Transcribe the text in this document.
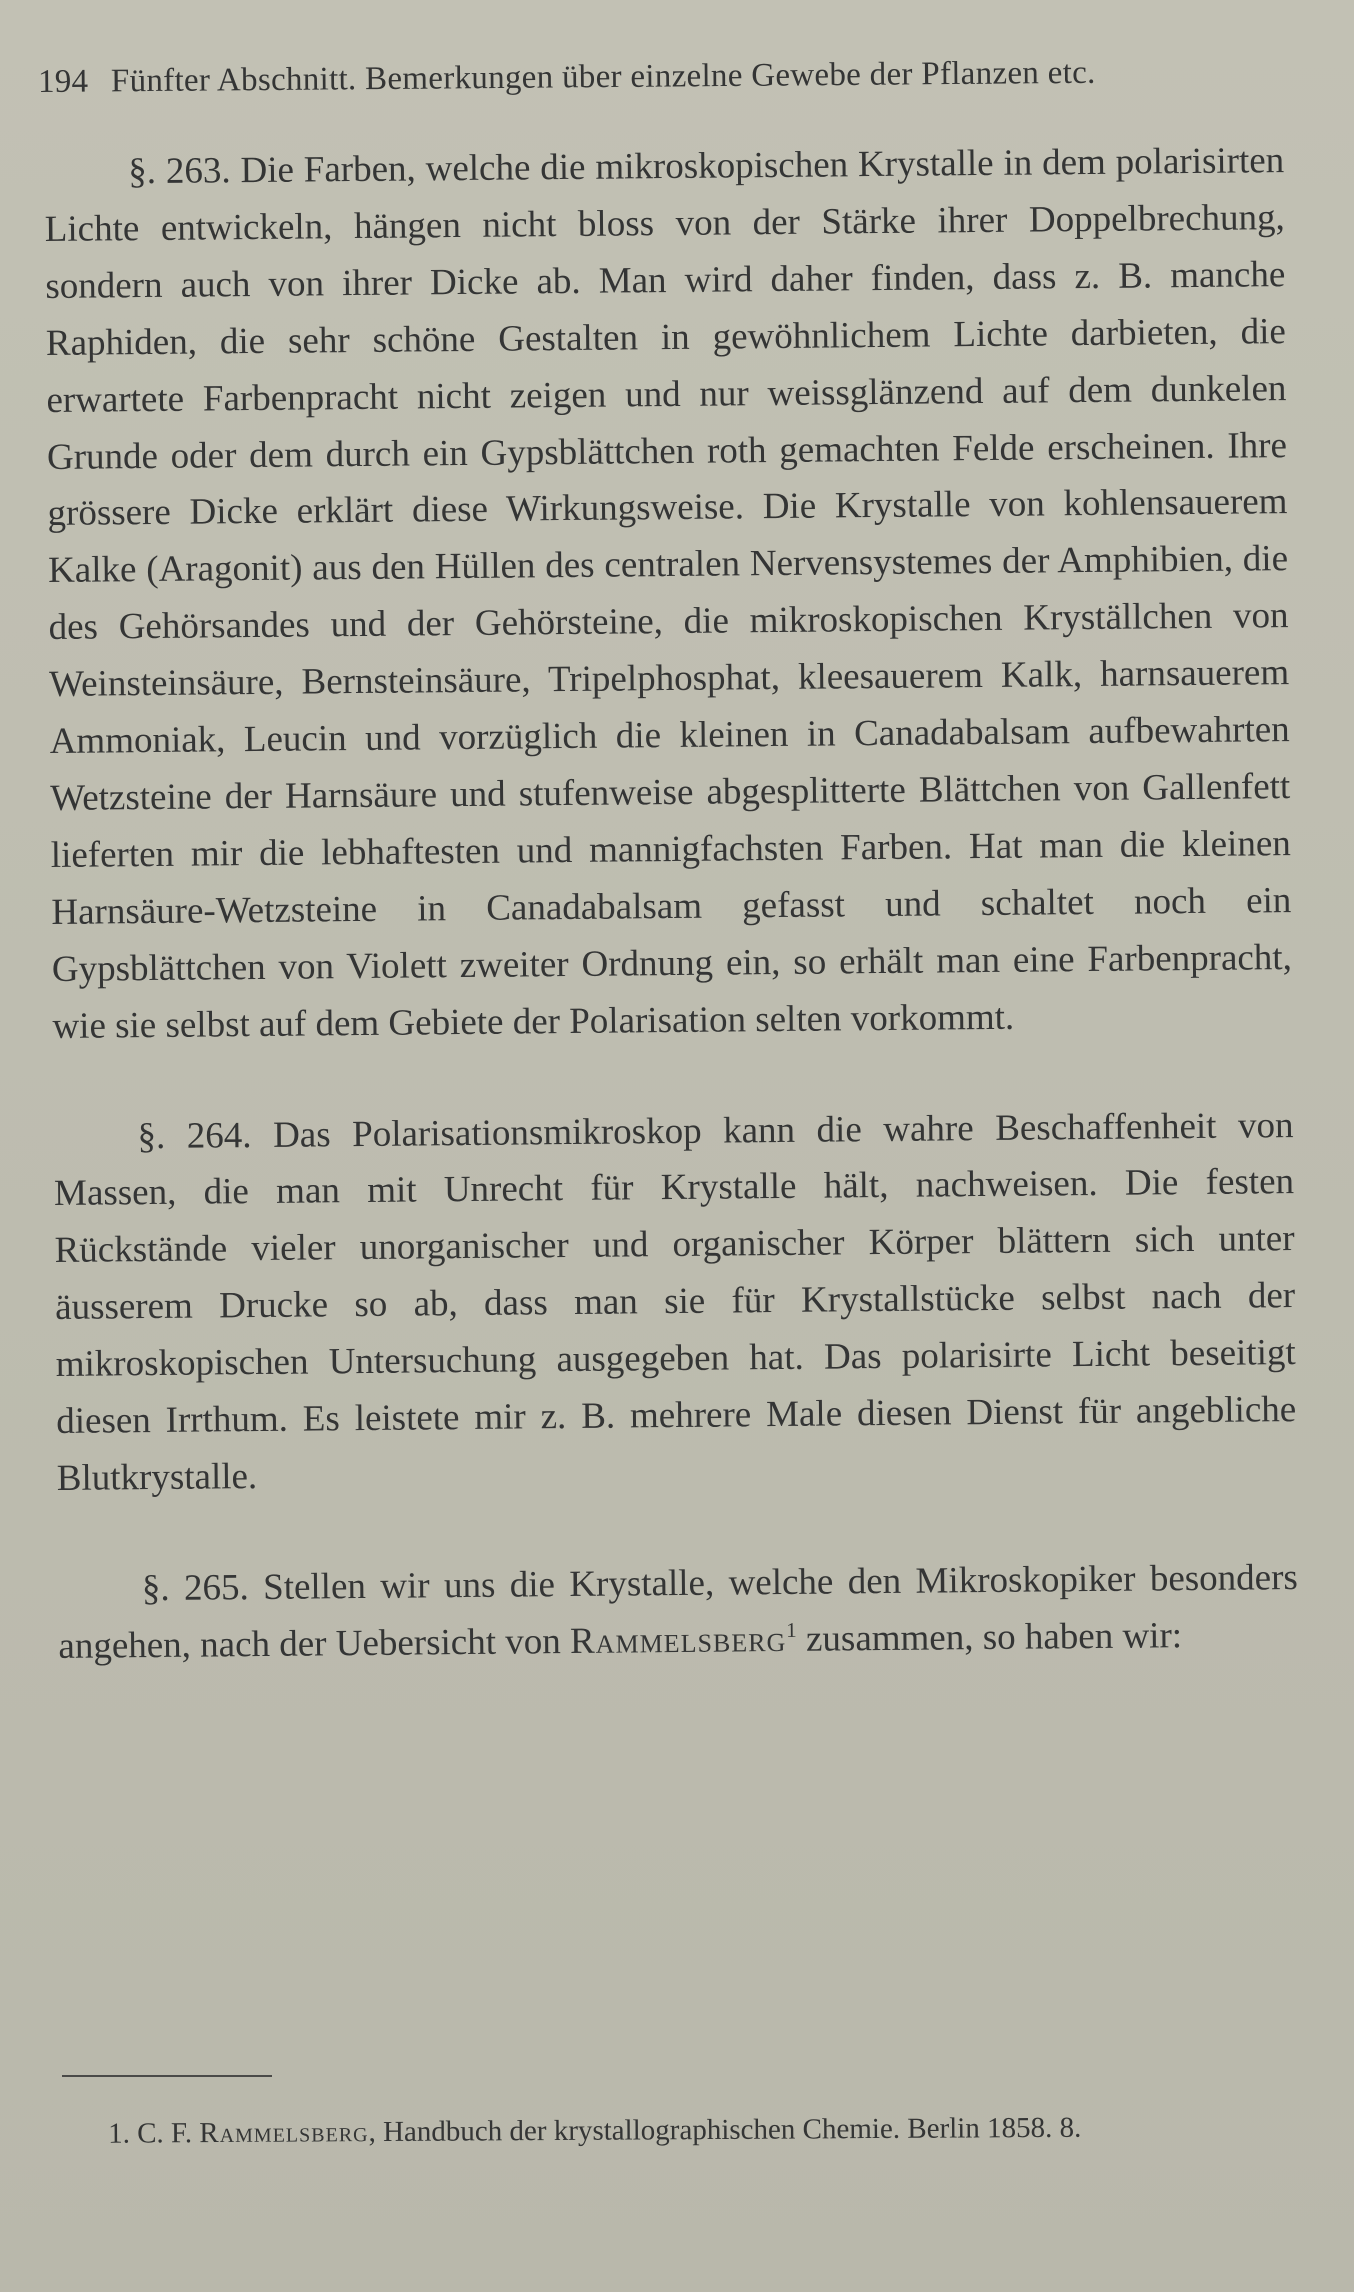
194 Fünfter Abschnitt. Bemerkungen über einzelne Gewebe der Pflanzen etc.

§. 263. Die Farben, welche die mikroskopischen Krystalle in dem polarisirten Lichte entwickeln, hängen nicht bloss von der Stärke ihrer Doppelbrechung, sondern auch von ihrer Dicke ab. Man wird daher finden, dass z. B. manche Raphiden, die sehr schöne Gestalten in gewöhnlichem Lichte darbieten, die erwartete Farbenpracht nicht zeigen und nur weissglänzend auf dem dunkelen Grunde oder dem durch ein Gypsblättchen roth gemachten Felde erscheinen. Ihre grössere Dicke erklärt diese Wirkungsweise. Die Krystalle von kohlensauerem Kalke (Aragonit) aus den Hüllen des centralen Nervensystemes der Amphibien, die des Gehörsandes und der Gehörsteine, die mikroskopischen Kryställchen von Weinsteinsäure, Bernsteinsäure, Tripelphosphat, kleesauerem Kalk, harnsauerem Ammoniak, Leucin und vorzüglich die kleinen in Canadabalsam aufbewahrten Wetzsteine der Harnsäure und stufenweise abgesplitterte Blättchen von Gallenfett lieferten mir die lebhaftesten und mannigfachsten Farben. Hat man die kleinen Harnsäure-Wetzsteine in Canadabalsam gefasst und schaltet noch ein Gypsblättchen von Violett zweiter Ordnung ein, so erhält man eine Farbenpracht, wie sie selbst auf dem Gebiete der Polarisation selten vorkommt.

§. 264. Das Polarisationsmikroskop kann die wahre Beschaffenheit von Massen, die man mit Unrecht für Krystalle hält, nachweisen. Die festen Rückstände vieler unorganischer und organischer Körper blättern sich unter äusserem Drucke so ab, dass man sie für Krystallstücke selbst nach der mikroskopischen Untersuchung ausgegeben hat. Das polarisirte Licht beseitigt diesen Irrthum. Es leistete mir z. B. mehrere Male diesen Dienst für angebliche Blutkrystalle.

§. 265. Stellen wir uns die Krystalle, welche den Mikroskopiker besonders angehen, nach der Uebersicht von Rammelsberg$^1$ zusammen, so haben wir:

1. C. F. Rammelsberg, Handbuch der krystallographischen Chemie. Berlin 1858. 8.
